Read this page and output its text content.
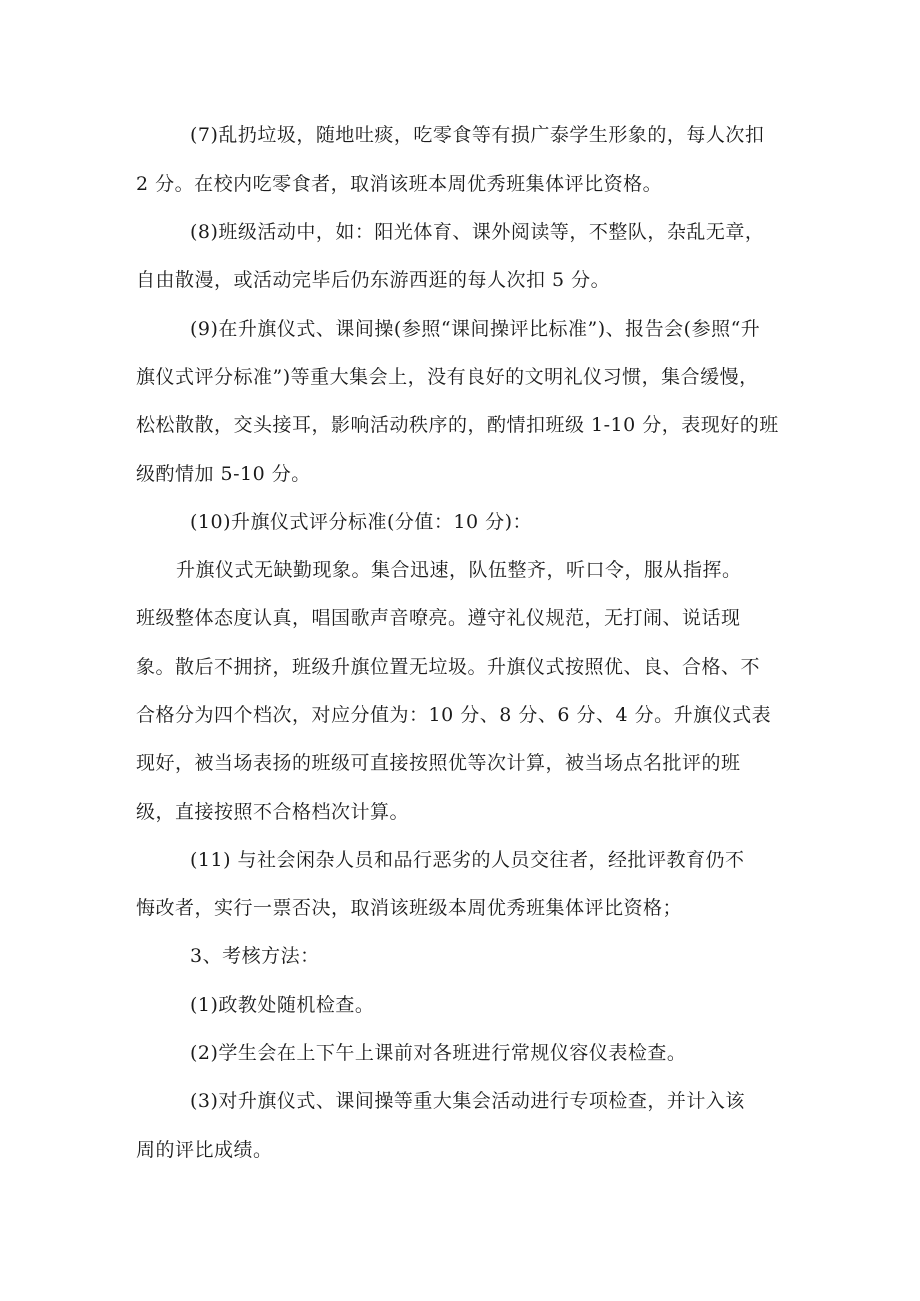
(7)乱扔垃圾，随地吐痰，吃零食等有损广泰学生形象的，每人次扣
2 分。在校内吃零食者，取消该班本周优秀班集体评比资格。
(8)班级活动中，如：阳光体育、课外阅读等，不整队，杂乱无章，
自由散漫，或活动完毕后仍东游西逛的每人次扣 5 分。
(9)在升旗仪式、课间操(参照“课间操评比标准”)、报告会(参照“升
旗仪式评分标准”)等重大集会上，没有良好的文明礼仪习惯，集合缓慢，
松松散散，交头接耳，影响活动秩序的，酌情扣班级 1-10 分，表现好的班
级酌情加 5-10 分。
(10)升旗仪式评分标准(分值：10 分)：
升旗仪式无缺勤现象。集合迅速，队伍整齐，听口令，服从指挥。
班级整体态度认真，唱国歌声音嘹亮。遵守礼仪规范，无打闹、说话现
象。散后不拥挤，班级升旗位置无垃圾。升旗仪式按照优、良、合格、不
合格分为四个档次，对应分值为：10 分、8 分、6 分、4 分。升旗仪式表
现好，被当场表扬的班级可直接按照优等次计算，被当场点名批评的班
级，直接按照不合格档次计算。
(11) 与社会闲杂人员和品行恶劣的人员交往者，经批评教育仍不
悔改者，实行一票否决，取消该班级本周优秀班集体评比资格；
3、考核方法：
(1)政教处随机检查。
(2)学生会在上下午上课前对各班进行常规仪容仪表检查。
(3)对升旗仪式、课间操等重大集会活动进行专项检查，并计入该
周的评比成绩。
